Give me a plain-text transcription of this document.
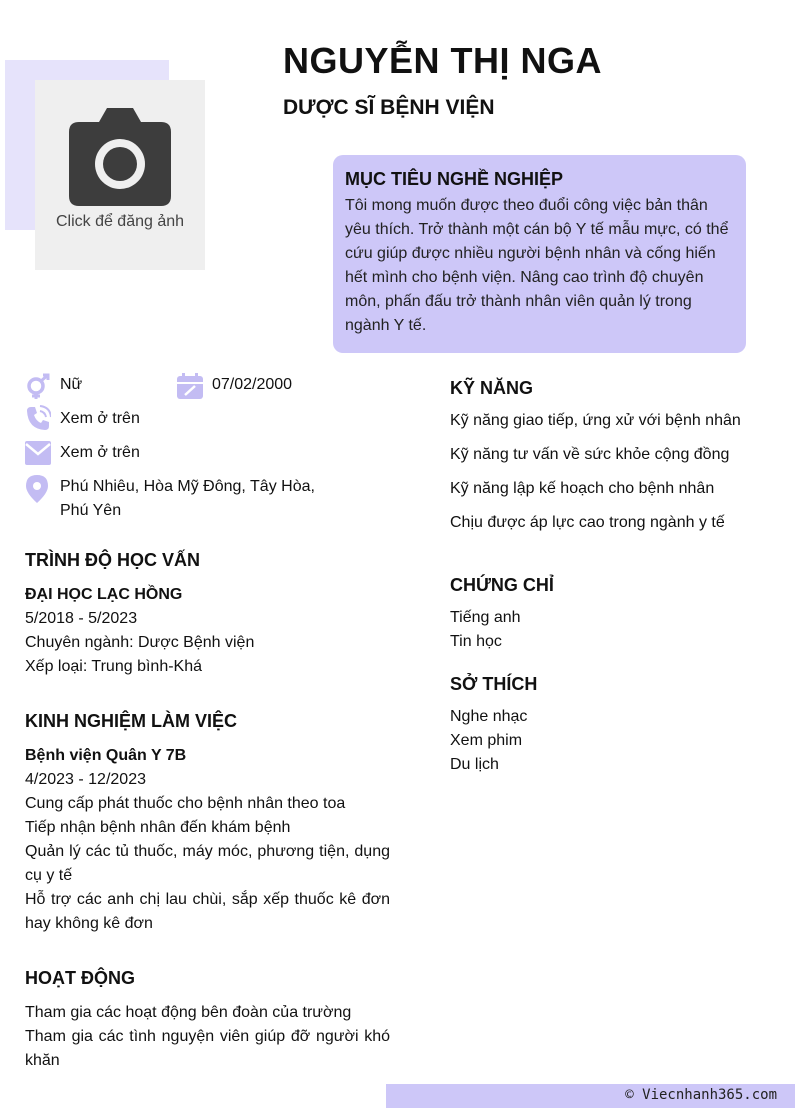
Click để đăng ảnh
NGUYỄN THỊ NGA
DƯỢC SĨ BỆNH VIỆN
MỤC TIÊU NGHỀ NGHIỆP

Tôi mong muốn được theo đuổi công việc bản thân yêu thích. Trở thành một cán bộ Y tế mẫu mực, có thể cứu giúp được nhiều người bệnh nhân và cống hiến hết mình cho bệnh viện. Nâng cao trình độ chuyên môn, phấn đấu trở thành nhân viên quản lý trong ngành Y tế.

Nữ	07/02/2000
Xem ở trên
Xem ở trên
Phú Nhiêu, Hòa Mỹ Đông, Tây Hòa,
Phú Yên
TRÌNH ĐỘ HỌC VẤN
ĐẠI HỌC LẠC HỒNG
5/2018 - 5/2023
Chuyên ngành: Dược Bệnh viện
Xếp loại: Trung bình-Khá
KINH NGHIỆM LÀM VIỆC
Bệnh viện Quân Y 7B
4/2023 - 12/2023
Cung cấp phát thuốc cho bệnh nhân theo toa
Tiếp nhận bệnh nhân đến khám bệnh
Quản lý các tủ thuốc, máy móc, phương tiện, dụng cụ y tế
Hỗ trợ các anh chị lau chùi, sắp xếp thuốc kê đơn hay không kê đơn
HOẠT ĐỘNG
Tham gia các hoạt động bên đoàn của trường
Tham gia các tình nguyện viên giúp đỡ người khó khăn
KỸ NĂNG
Kỹ năng giao tiếp, ứng xử với bệnh nhân
Kỹ năng tư vấn về sức khỏe cộng đồng
Kỹ năng lập kế hoạch cho bệnh nhân
Chịu được áp lực cao trong ngành y tế
CHỨNG CHỈ
Tiếng anh
Tin học
SỞ THÍCH
Nghe nhạc
Xem phim
Du lịch
© Viecnhanh365.com
